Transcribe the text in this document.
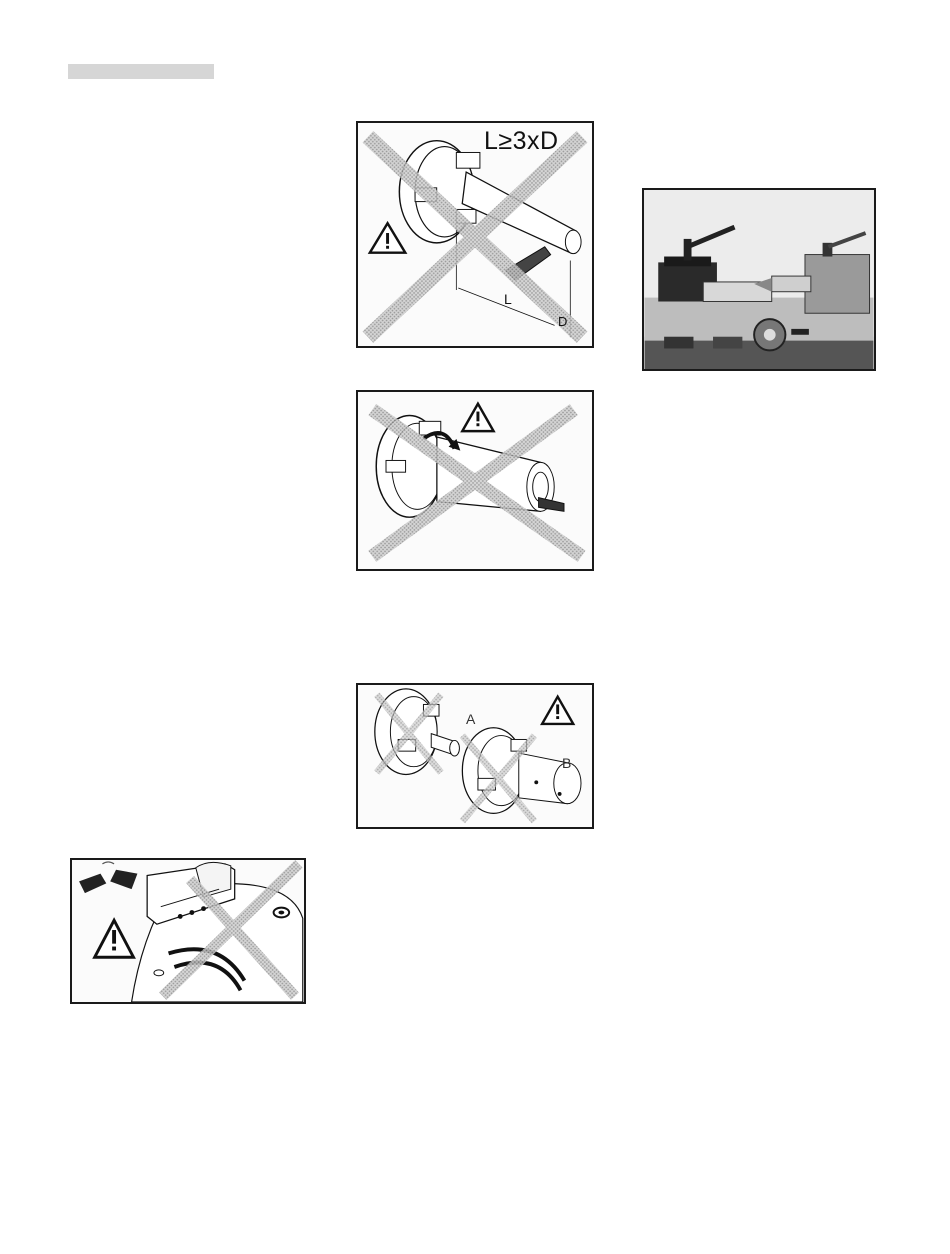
L≥3xD
L
D
A
B
